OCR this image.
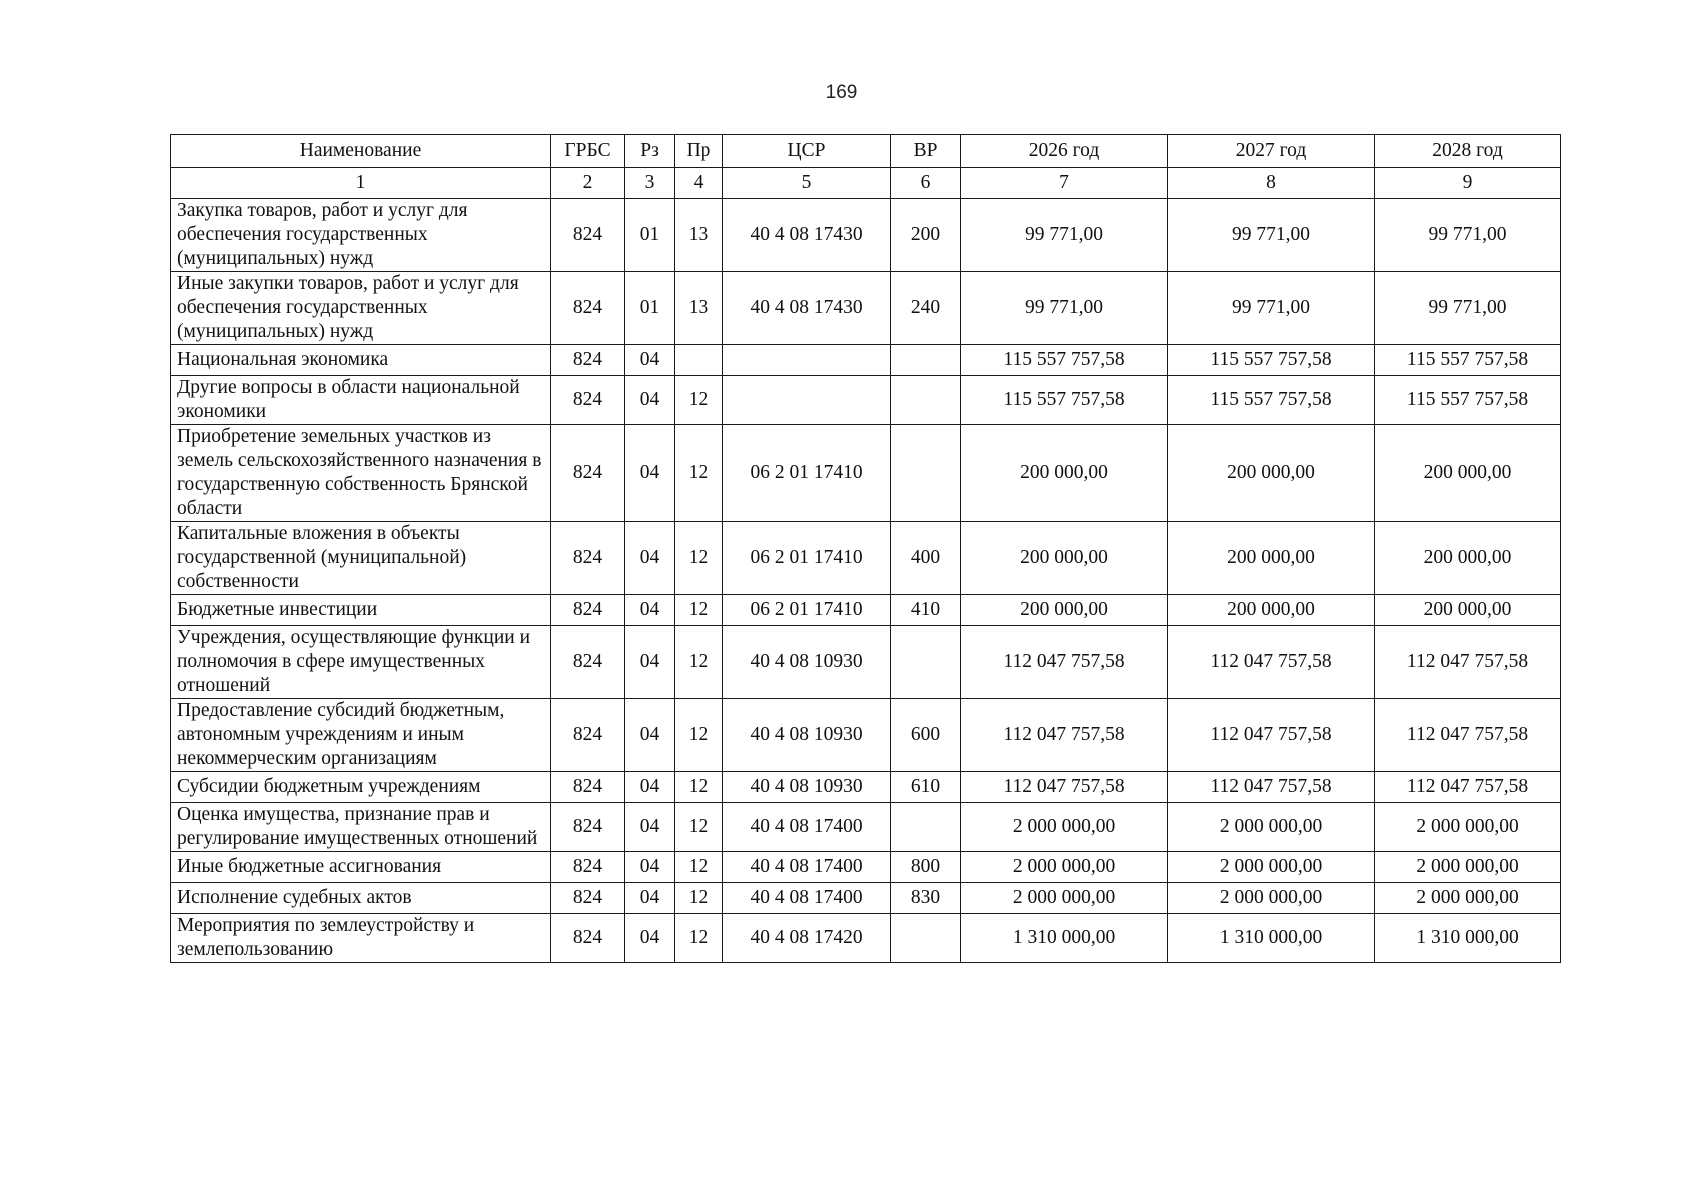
169
Наименование	ГРБС	Рз	Пр	ЦСР	ВР	2026 год	2027 год	2028 год
1	2	3	4	5	6	7	8	9
Закупка товаров, работ и услуг для обеспечения государственных (муниципальных) нужд	824	01	13	40 4 08 17430	200	99 771,00	99 771,00	99 771,00
Иные закупки товаров, работ и услуг для обеспечения государственных (муниципальных) нужд	824	01	13	40 4 08 17430	240	99 771,00	99 771,00	99 771,00
Национальная экономика	824	04				115 557 757,58	115 557 757,58	115 557 757,58
Другие вопросы в области национальной экономики	824	04	12			115 557 757,58	115 557 757,58	115 557 757,58
Приобретение земельных участков из земель сельскохозяйственного назначения в государственную собственность Брянской области	824	04	12	06 2 01 17410		200 000,00	200 000,00	200 000,00
Капитальные вложения в объекты государственной (муниципальной) собственности	824	04	12	06 2 01 17410	400	200 000,00	200 000,00	200 000,00
Бюджетные инвестиции	824	04	12	06 2 01 17410	410	200 000,00	200 000,00	200 000,00
Учреждения, осуществляющие функции и полномочия в сфере имущественных отношений	824	04	12	40 4 08 10930		112 047 757,58	112 047 757,58	112 047 757,58
Предоставление субсидий бюджетным, автономным учреждениям и иным некоммерческим организациям	824	04	12	40 4 08 10930	600	112 047 757,58	112 047 757,58	112 047 757,58
Субсидии бюджетным учреждениям	824	04	12	40 4 08 10930	610	112 047 757,58	112 047 757,58	112 047 757,58
Оценка имущества, признание прав и регулирование имущественных отношений	824	04	12	40 4 08 17400		2 000 000,00	2 000 000,00	2 000 000,00
Иные бюджетные ассигнования	824	04	12	40 4 08 17400	800	2 000 000,00	2 000 000,00	2 000 000,00
Исполнение судебных актов	824	04	12	40 4 08 17400	830	2 000 000,00	2 000 000,00	2 000 000,00
Мероприятия по землеустройству и землепользованию	824	04	12	40 4 08 17420		1 310 000,00	1 310 000,00	1 310 000,00
